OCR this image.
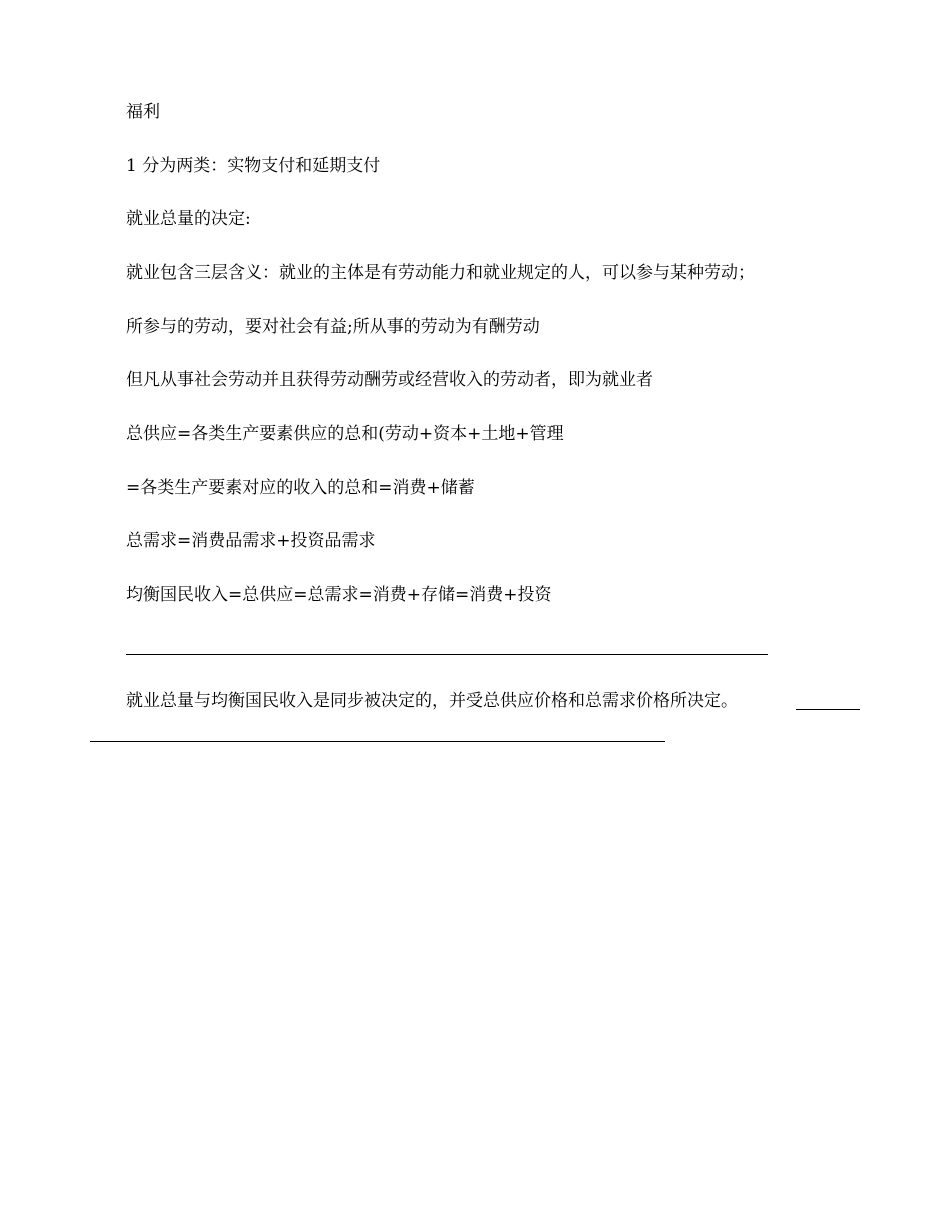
福利

1 分为两类：实物支付和延期支付

就业总量的决定:

就业包含三层含义：就业的主体是有劳动能力和就业规定的人，可以参与某种劳动；

所参与的劳动，要对社会有益;所从事的劳动为有酬劳动

但凡从事社会劳动并且获得劳动酬劳或经营收入的劳动者，即为就业者

总供应=各类生产要素供应的总和(劳动+资本+土地+管理

=各类生产要素对应的收入的总和=消费+储蓄

总需求=消费品需求+投资品需求

均衡国民收入=总供应=总需求=消费+存储=消费+投资

就业总量与均衡国民收入是同步被决定的，并受总供应价格和总需求价格所决定。
